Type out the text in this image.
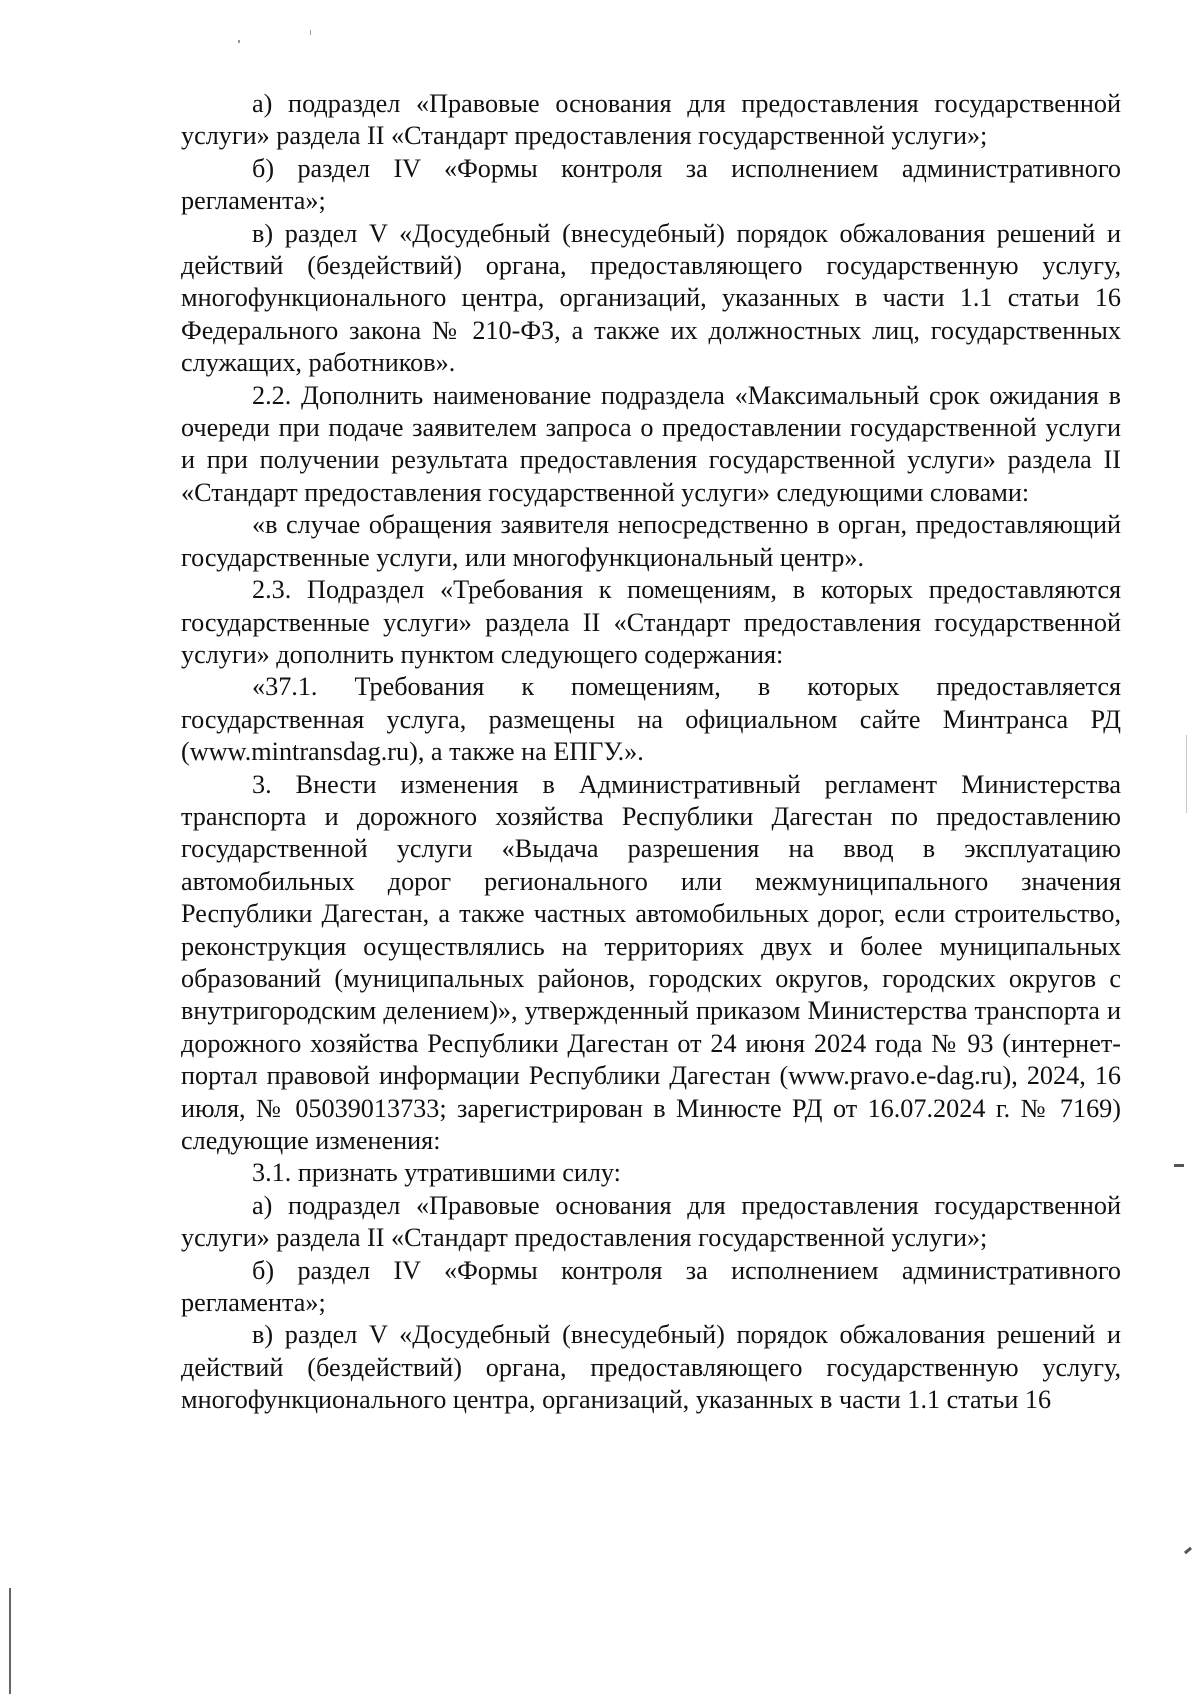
а) подраздел «Правовые основания для предоставления государственной услуги» раздела II «Стандарт предоставления государственной услуги»;

б) раздел IV «Формы контроля за исполнением административного регламента»;

в) раздел V «Досудебный (внесудебный) порядок обжалования решений и действий (бездействий) органа, предоставляющего государственную услугу, многофункционального центра, организаций, указанных в части 1.1 статьи 16 Федерального закона № 210-ФЗ, а также их должностных лиц, государственных служащих, работников».

2.2. Дополнить наименование подраздела «Максимальный срок ожидания в очереди при подаче заявителем запроса о предоставлении государственной услуги и при получении результата предоставления государственной услуги» раздела II «Стандарт предоставления государственной услуги» следующими словами:

«в случае обращения заявителя непосредственно в орган, предоставляющий государственные услуги, или многофункциональный центр».

2.3. Подраздел «Требования к помещениям, в которых предоставляются государственные услуги» раздела II «Стандарт предоставления государственной услуги» дополнить пунктом следующего содержания:

«37.1. Требования к помещениям, в которых предоставляется государственная услуга, размещены на официальном сайте Минтранса РД (www.mintransdag.ru), а также на ЕПГУ.».

3. Внести изменения в Административный регламент Министерства транспорта и дорожного хозяйства Республики Дагестан по предоставлению государственной услуги «Выдача разрешения на ввод в эксплуатацию автомобильных дорог регионального или межмуниципального значения Республики Дагестан, а также частных автомобильных дорог, если строительство, реконструкция осуществлялись на территориях двух и более муниципальных образований (муниципальных районов, городских округов, городских округов с внутригородским делением)», утвержденный приказом Министерства транспорта и дорожного хозяйства Республики Дагестан от 24 июня 2024 года № 93 (интернет-портал правовой информации Республики Дагестан (www.pravo.e-dag.ru), 2024, 16 июля, № 05039013733; зарегистрирован в Минюсте РД от 16.07.2024 г. № 7169) следующие изменения:

3.1. признать утратившими силу:

а) подраздел «Правовые основания для предоставления государственной услуги» раздела II «Стандарт предоставления государственной услуги»;

б) раздел IV «Формы контроля за исполнением административного регламента»;

в) раздел V «Досудебный (внесудебный) порядок обжалования решений и действий (бездействий) органа, предоставляющего государственную услугу, многофункционального центра, организаций, указанных в части 1.1 статьи 16
